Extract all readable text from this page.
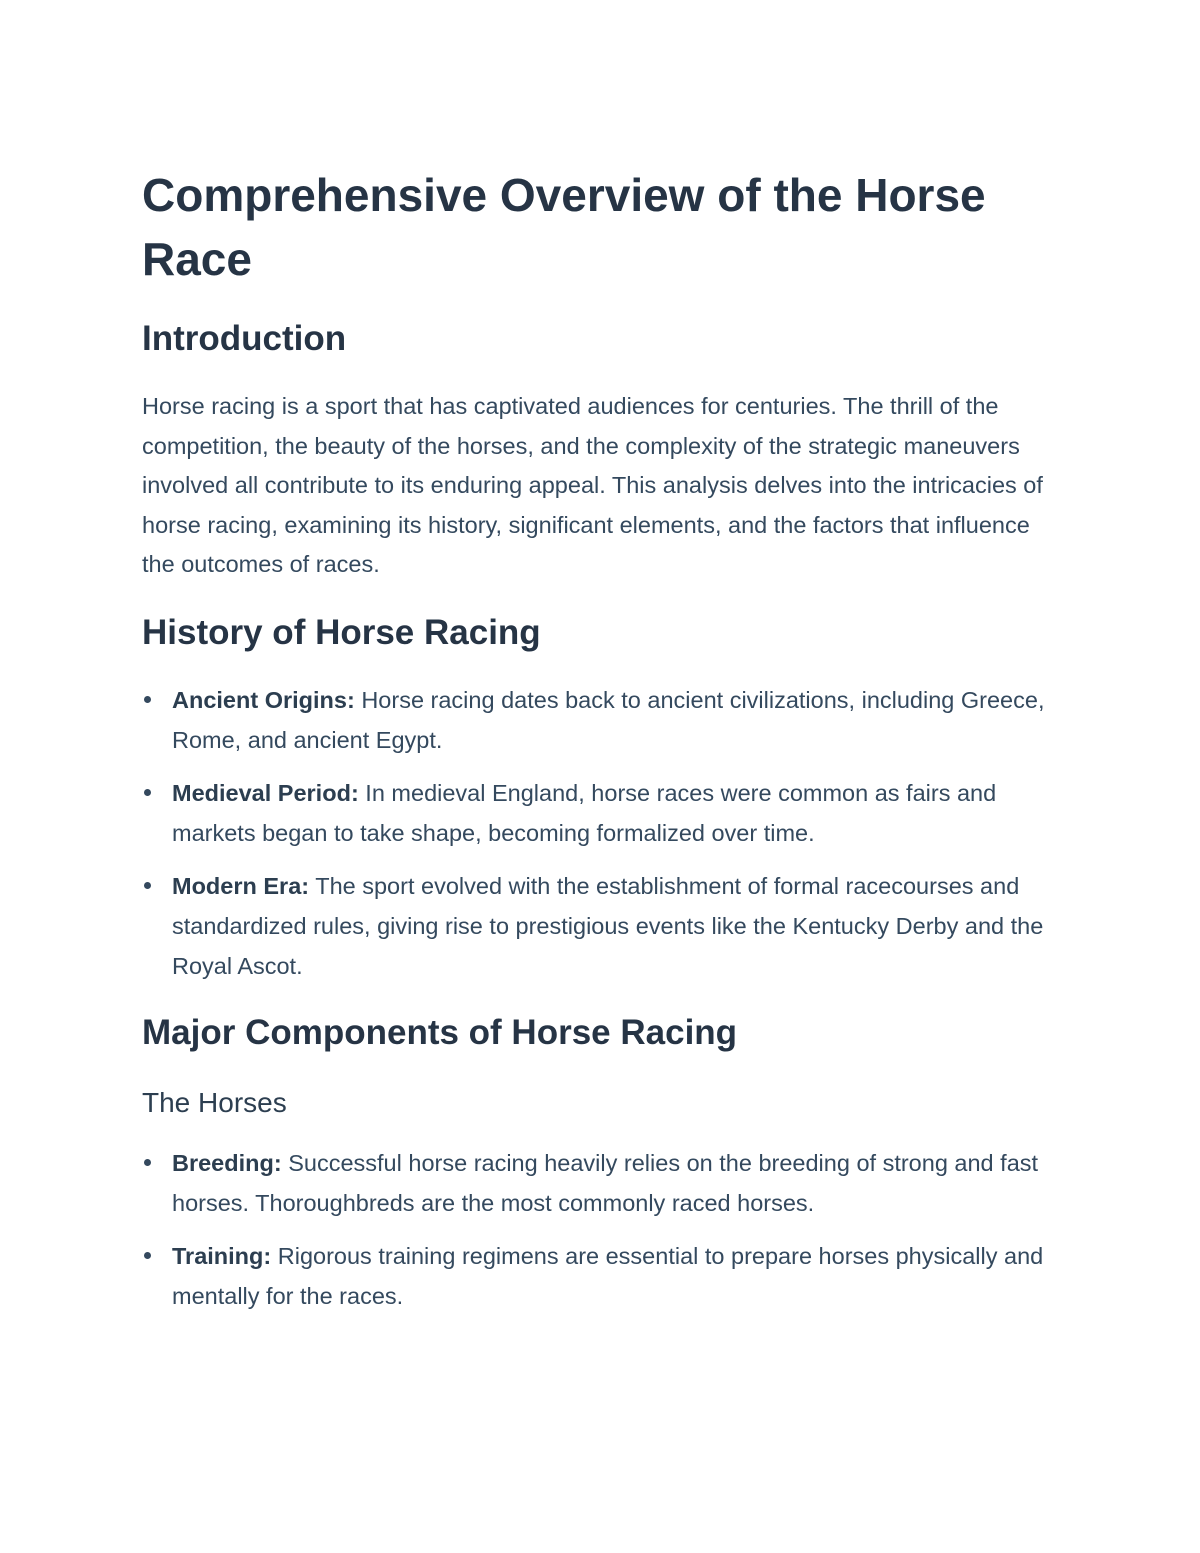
Comprehensive Overview of the Horse Race
Introduction

Horse racing is a sport that has captivated audiences for centuries. The thrill of the competition, the beauty of the horses, and the complexity of the strategic maneuvers involved all contribute to its enduring appeal. This analysis delves into the intricacies of horse racing, examining its history, significant elements, and the factors that influence the outcomes of races.

History of Horse Racing
Ancient Origins: Horse racing dates back to ancient civilizations, including Greece, Rome, and ancient Egypt.
Medieval Period: In medieval England, horse races were common as fairs and markets began to take shape, becoming formalized over time.
Modern Era: The sport evolved with the establishment of formal racecourses and standardized rules, giving rise to prestigious events like the Kentucky Derby and the Royal Ascot.
Major Components of Horse Racing
The Horses
Breeding: Successful horse racing heavily relies on the breeding of strong and fast horses. Thoroughbreds are the most commonly raced horses.
Training: Rigorous training regimens are essential to prepare horses physically and mentally for the races.
